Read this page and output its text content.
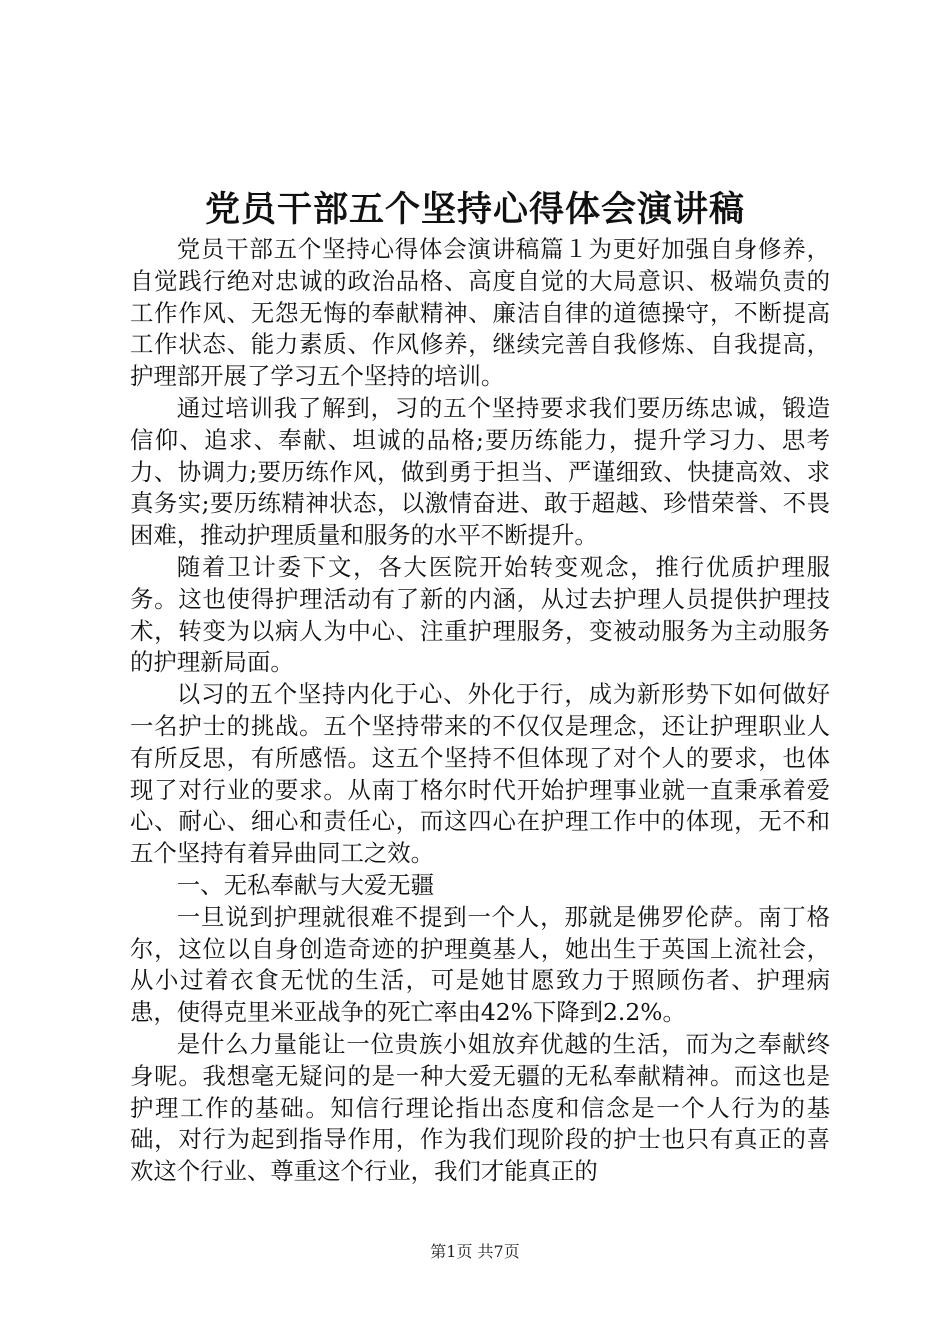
党员干部五个坚持心得体会演讲稿

党员干部五个坚持心得体会演讲稿篇１为更好加强自身修养，自觉践行绝对忠诚的政治品格、高度自觉的大局意识、极端负责的工作作风、无怨无悔的奉献精神、廉洁自律的道德操守，不断提高工作状态、能力素质、作风修养，继续完善自我修炼、自我提高，护理部开展了学习五个坚持的培训。

通过培训我了解到，习的五个坚持要求我们要历练忠诚，锻造信仰、追求、奉献、坦诚的品格;要历练能力，提升学习力、思考力、协调力;要历练作风，做到勇于担当、严谨细致、快捷高效、求真务实;要历练精神状态，以激情奋进、敢于超越、珍惜荣誉、不畏困难，推动护理质量和服务的水平不断提升。

随着卫计委下文，各大医院开始转变观念，推行优质护理服务。这也使得护理活动有了新的内涵，从过去护理人员提供护理技术，转变为以病人为中心、注重护理服务，变被动服务为主动服务的护理新局面。

以习的五个坚持内化于心、外化于行，成为新形势下如何做好一名护士的挑战。五个坚持带来的不仅仅是理念，还让护理职业人有所反思，有所感悟。这五个坚持不但体现了对个人的要求，也体现了对行业的要求。从南丁格尔时代开始护理事业就一直秉承着爱心、耐心、细心和责任心，而这四心在护理工作中的体现，无不和五个坚持有着异曲同工之效。

一、无私奉献与大爱无疆

一旦说到护理就很难不提到一个人，那就是佛罗伦萨。南丁格尔，这位以自身创造奇迹的护理奠基人，她出生于英国上流社会，从小过着衣食无忧的生活，可是她甘愿致力于照顾伤者、护理病患，使得克里米亚战争的死亡率由42%下降到2.2%。

是什么力量能让一位贵族小姐放弃优越的生活，而为之奉献终身呢。我想毫无疑问的是一种大爱无疆的无私奉献精神。而这也是护理工作的基础。知信行理论指出态度和信念是一个人行为的基础，对行为起到指导作用，作为我们现阶段的护士也只有真正的喜欢这个行业、尊重这个行业，我们才能真正的

第1页 共7页
